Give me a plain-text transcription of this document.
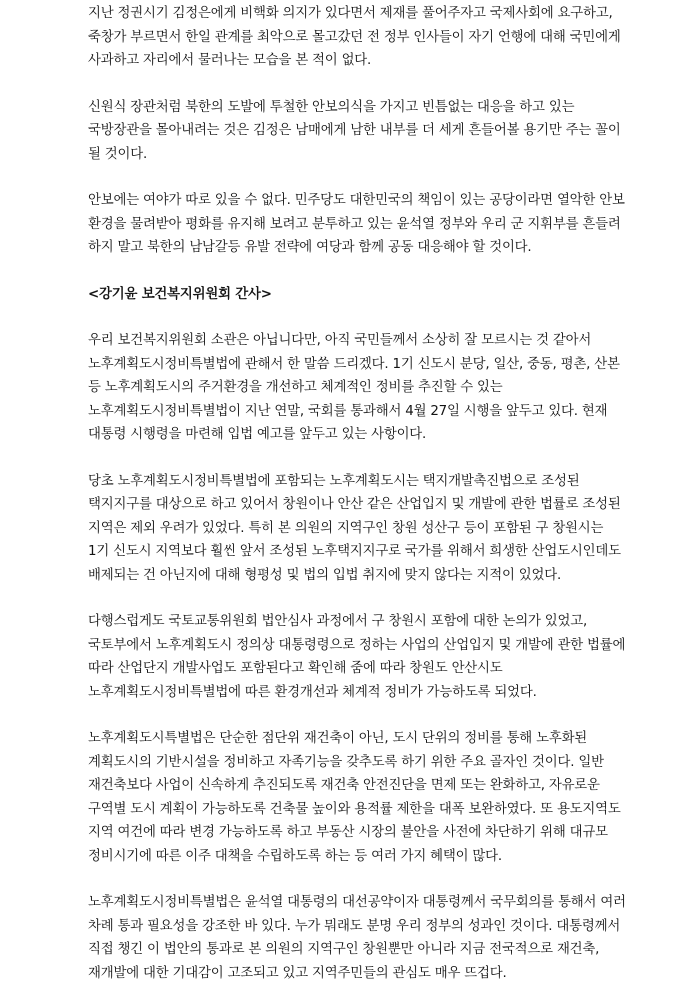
지난 정권시기 김정은에게 비핵화 의지가 있다면서 제재를 풀어주자고 국제사회에 요구하고, 죽창가 부르면서 한일 관계를 최악으로 몰고갔던 전 정부 인사들이 자기 언행에 대해 국민에게 사과하고 자리에서 물러나는 모습을 본 적이 없다.

신원식 장관처럼 북한의 도발에 투철한 안보의식을 가지고 빈틈없는 대응을 하고 있는 국방장관을 몰아내려는 것은 김정은 남매에게 남한 내부를 더 세게 흔들어볼 용기만 주는 꼴이 될 것이다.

안보에는 여야가 따로 있을 수 없다. 민주당도 대한민국의 책임이 있는 공당이라면 열악한 안보 환경을 물려받아 평화를 유지해 보려고 분투하고 있는 윤석열 정부와 우리 군 지휘부를 흔들려 하지 말고 북한의 남남갈등 유발 전략에 여당과 함께 공동 대응해야 할 것이다.

<강기윤 보건복지위원회 간사>

우리 보건복지위원회 소관은 아닙니다만, 아직 국민들께서 소상히 잘 모르시는 것 같아서 노후계획도시정비특별법에 관해서 한 말씀 드리겠다. 1기 신도시 분당, 일산, 중동, 평촌, 산본 등 노후계획도시의 주거환경을 개선하고 체계적인 정비를 추진할 수 있는 노후계획도시정비특별법이 지난 연말, 국회를 통과해서 4월 27일 시행을 앞두고 있다. 현재 대통령 시행령을 마련해 입법 예고를 앞두고 있는 사항이다.

당초 노후계획도시정비특별법에 포함되는 노후계획도시는 택지개발촉진법으로 조성된 택지지구를 대상으로 하고 있어서 창원이나 안산 같은 산업입지 및 개발에 관한 법률로 조성된 지역은 제외 우려가 있었다. 특히 본 의원의 지역구인 창원 성산구 등이 포함된 구 창원시는 1기 신도시 지역보다 훨씬 앞서 조성된 노후택지지구로 국가를 위해서 희생한 산업도시인데도 배제되는 건 아닌지에 대해 형평성 및 법의 입법 취지에 맞지 않다는 지적이 있었다.

다행스럽게도 국토교통위원회 법안심사 과정에서 구 창원시 포함에 대한 논의가 있었고, 국토부에서 노후계획도시 정의상 대통령령으로 정하는 사업의 산업입지 및 개발에 관한 법률에 따라 산업단지 개발사업도 포함된다고 확인해 줌에 따라 창원도 안산시도 노후계획도시정비특별법에 따른 환경개선과 체계적 정비가 가능하도록 되었다.

노후계획도시특별법은 단순한 점단위 재건축이 아닌, 도시 단위의 정비를 통해 노후화된 계획도시의 기반시설을 정비하고 자족기능을 갖추도록 하기 위한 주요 골자인 것이다. 일반 재건축보다 사업이 신속하게 추진되도록 재건축 안전진단을 면제 또는 완화하고, 자유로운 구역별 도시 계획이 가능하도록 건축물 높이와 용적률 제한을 대폭 보완하였다. 또 용도지역도 지역 여건에 따라 변경 가능하도록 하고 부동산 시장의 불안을 사전에 차단하기 위해 대규모 정비시기에 따른 이주 대책을 수립하도록 하는 등 여러 가지 혜택이 많다.

노후계획도시정비특별법은 윤석열 대통령의 대선공약이자 대통령께서 국무회의를 통해서 여러 차례 통과 필요성을 강조한 바 있다. 누가 뭐래도 분명 우리 정부의 성과인 것이다. 대통령께서 직접 챙긴 이 법안의 통과로 본 의원의 지역구인 창원뿐만 아니라 지금 전국적으로 재건축, 재개발에 대한 기대감이 고조되고 있고 지역주민들의 관심도 매우 뜨겁다.
